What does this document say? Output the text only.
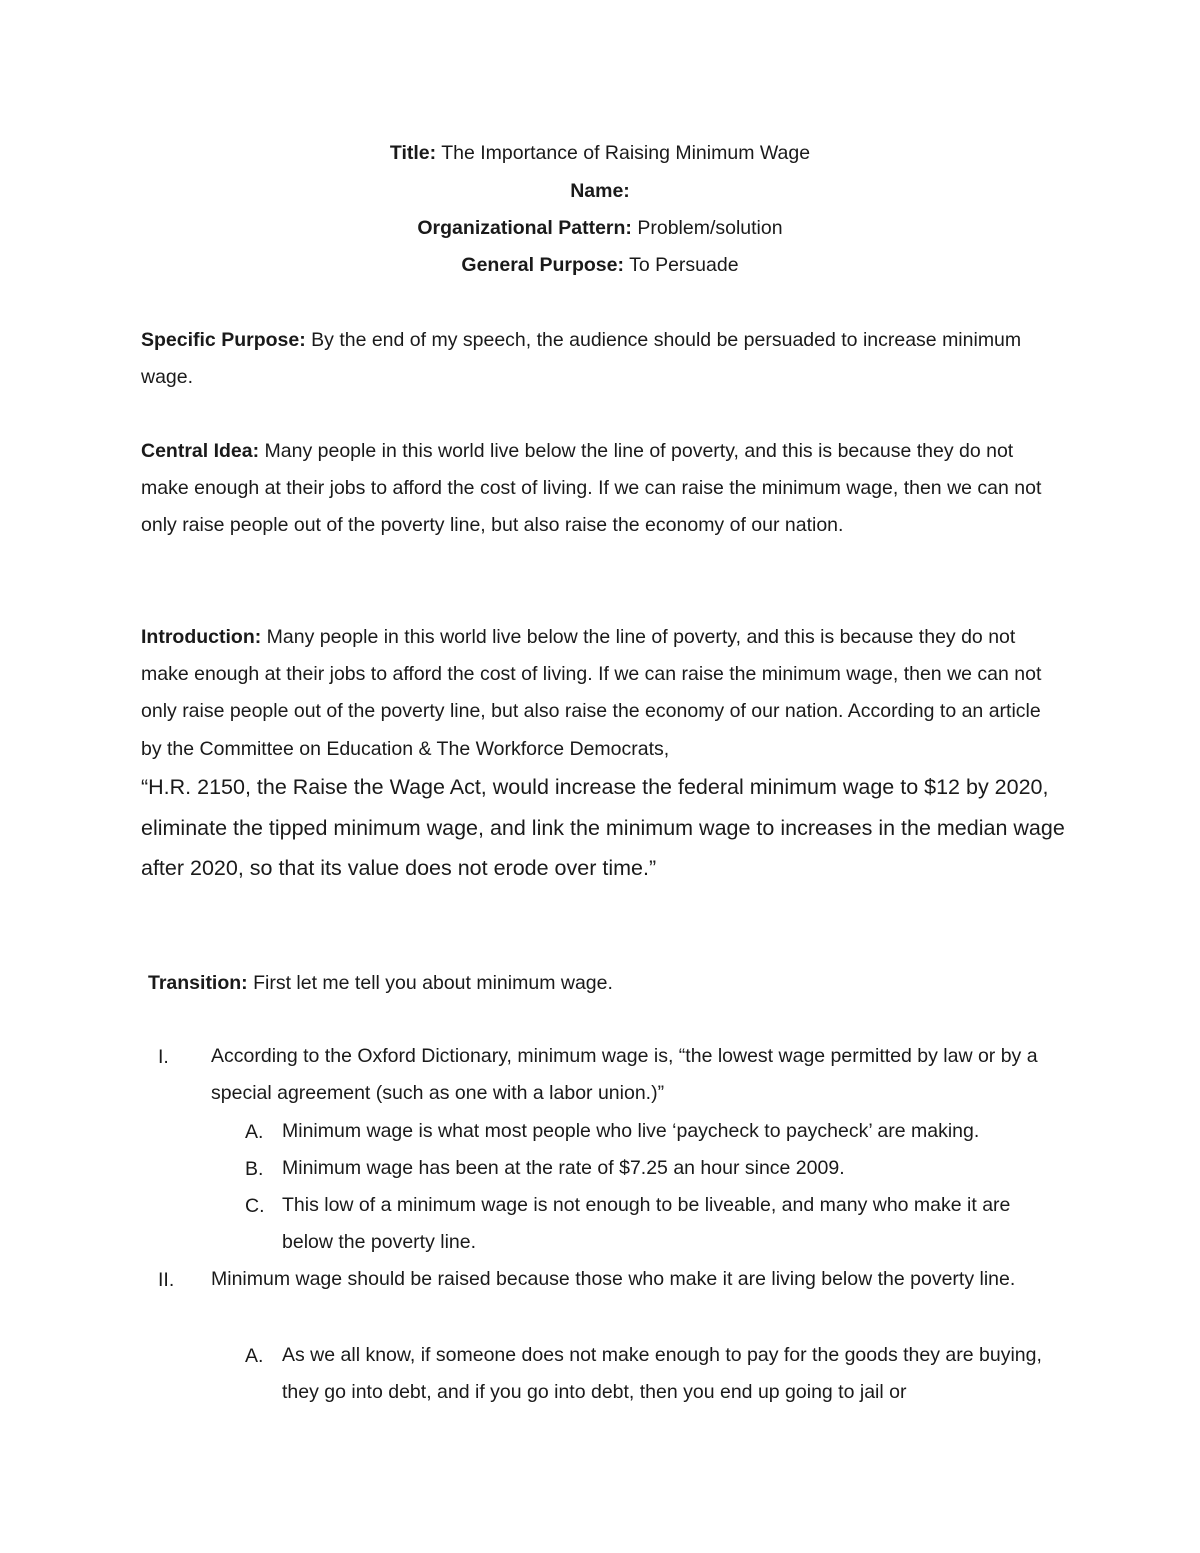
Title: The Importance of Raising Minimum Wage
Name:
Organizational Pattern: Problem/solution
General Purpose: To Persuade

Specific Purpose: By the end of my speech, the audience should be persuaded to increase minimum wage.

Central Idea: Many people in this world live below the line of poverty, and this is because they do not make enough at their jobs to afford the cost of living. If we can raise the minimum wage, then we can not only raise people out of the poverty line, but also raise the economy of our nation.

Introduction: Many people in this world live below the line of poverty, and this is because they do not make enough at their jobs to afford the cost of living. If we can raise the minimum wage, then we can not only raise people out of the poverty line, but also raise the economy of our nation. According to an article by the Committee on Education & The Workforce Democrats,

“H.R. 2150, the Raise the Wage Act, would increase the federal minimum wage to $12 by 2020, eliminate the tipped minimum wage, and link the minimum wage to increases in the median wage after 2020, so that its value does not erode over time.”

Transition: First let me tell you about minimum wage.

I.	According to the Oxford Dictionary, minimum wage is, “the lowest wage permitted by law or by a special agreement (such as one with a labor union.)”

A. Minimum wage is what most people who live ‘paycheck to paycheck’ are making.

B. Minimum wage has been at the rate of $7.25 an hour since 2009.

C. This low of a minimum wage is not enough to be liveable, and many who make it are below the poverty line.

II.	Minimum wage should be raised because those who make it are living below the poverty line.

A. As we all know, if someone does not make enough to pay for the goods they are buying, they go into debt, and if you go into debt, then you end up going to jail or
